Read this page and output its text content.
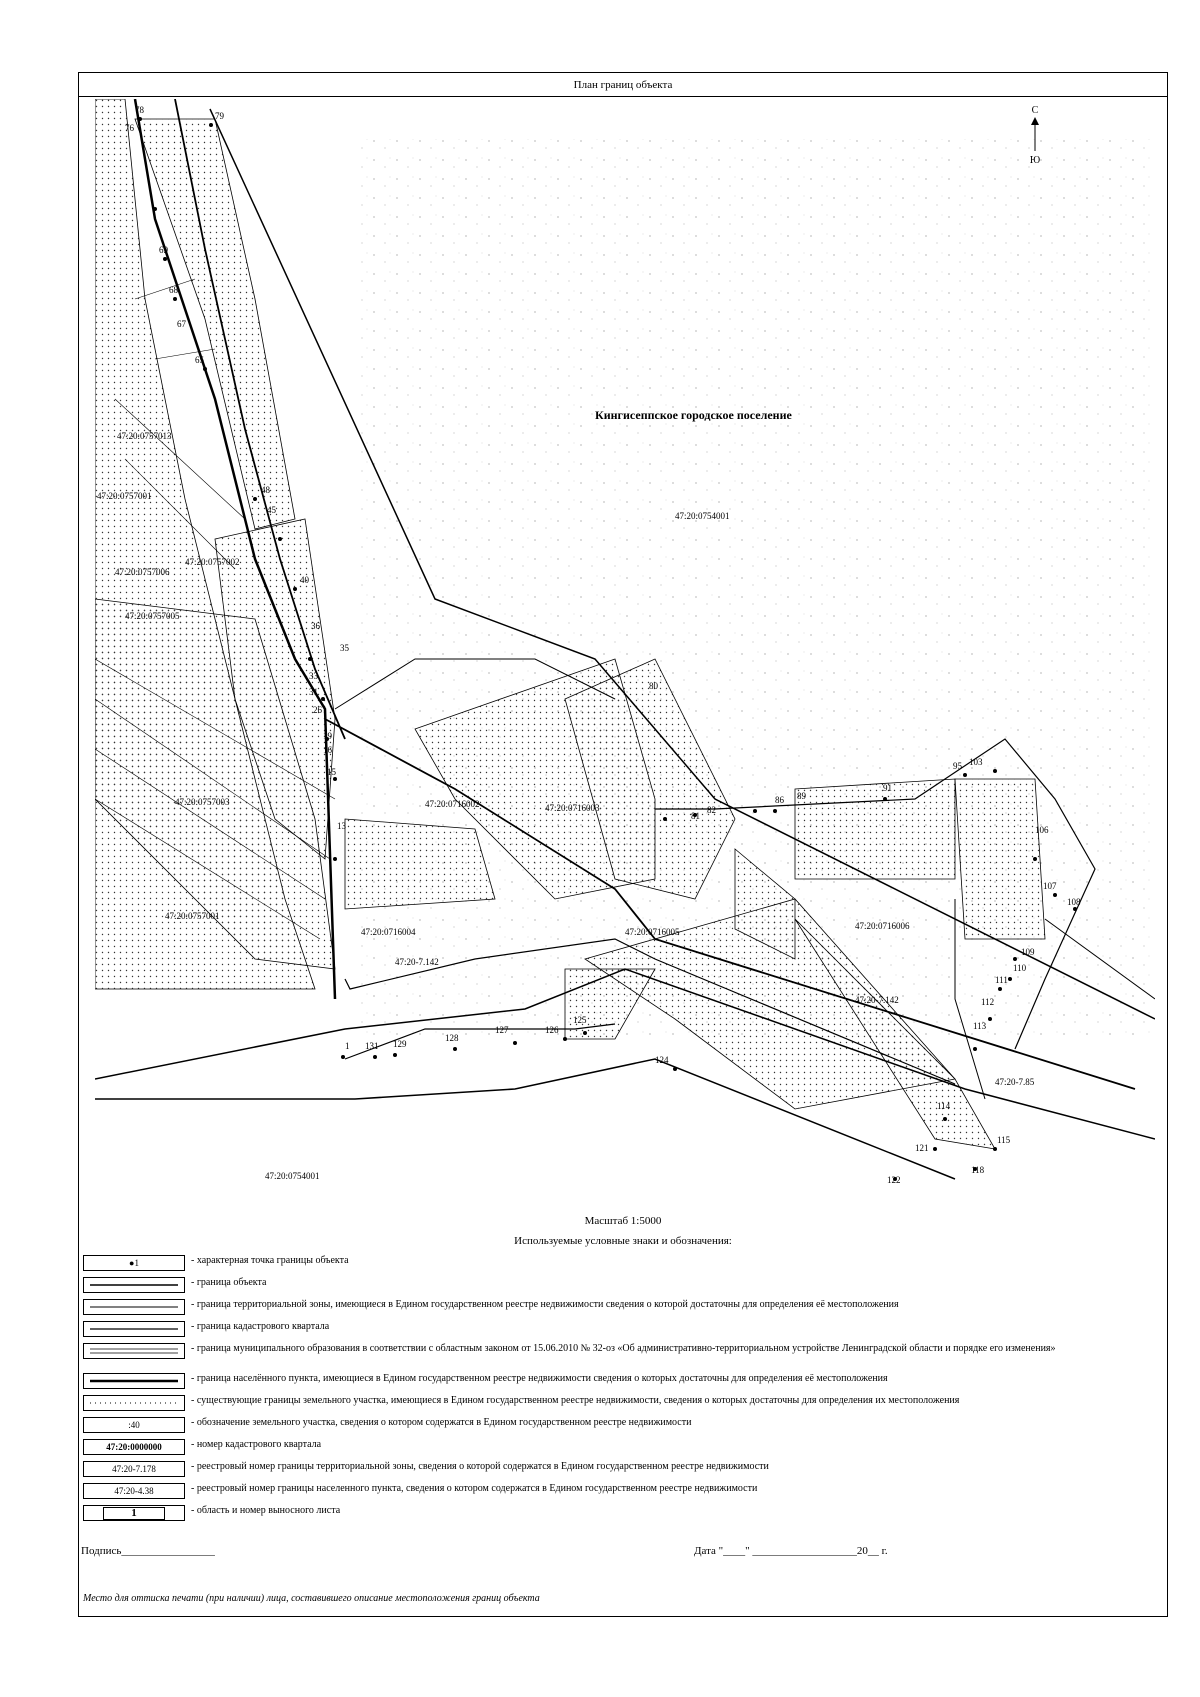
План границ объекта
78
79
76
69
68
67
65
48
45
40
36
35
33
31
26
19
16
15
13
1 131 129
128
127	126
125
124
80
81
82
86 89
91
95 103
106
107
108
109
110
111
112
113
114
115
118
121
122
47:20:0754001
47:20:0716002	47:20:0716003
47:20:0716004	47:20:0716005
47:20:0716006
47:20:0757013
47:20:0757001
47:20:0757006
47:20:0757002
47:20:0757005
47:20:0757003
47:20:0757001
47:20:0754001
47:20-7.142
47:20-7.142
47:20-7.85
Кингисеппское городское поселение
С
Ю
Масштаб 1:5000
Используемые условные знаки и обозначения:
●1	- характерная точка границы объекта
- граница объекта
- граница территориальной зоны, имеющиеся в Едином государственном реестре недвижимости сведения о которой достаточны для определения её местоположения
- граница кадастрового квартала
- граница муниципального образования в соответствии с областным законом от 15.06.2010 № 32-оз «Об административно-территориальном устройстве Ленинградской области и порядке его изменения»
- граница населённого пункта, имеющиеся в Едином государственном реестре недвижимости сведения о которых достаточны для определения её местоположения
- существующие границы земельного участка, имеющиеся в Едином государственном реестре недвижимости, сведения о которых достаточны для определения их местоположения
:40	- обозначение земельного участка, сведения о котором содержатся в Едином государственном реестре недвижимости
47:20:0000000	- номер кадастрового квартала
47:20-7.178	- реестровый номер границы территориальной зоны, сведения о которой содержатся в Едином государственном реестре недвижимости
47:20-4.38	- реестровый номер границы населенного пункта, сведения о котором содержатся в Едином государственном реестре недвижимости
1	- область и номер выносного листа
Подпись_________________	Дата "____" ___________________20__ г.
Место для оттиска печати (при наличии) лица, составившего описание местоположения границ объекта
